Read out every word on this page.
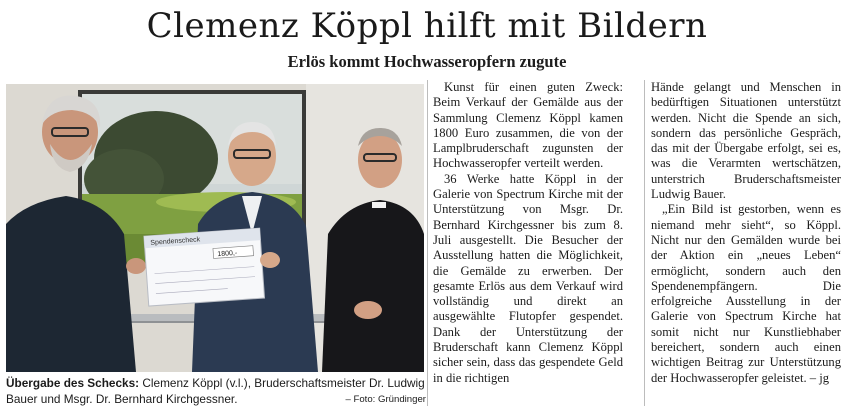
Clemenz Köppl hilft mit Bildern
Erlös kommt Hochwasseropfern zugute
Spendenscheck
1800,-
Übergabe des Schecks: Clemenz Köppl (v.l.), Bruderschaftsmeister Dr. Ludwig Bauer und Msgr. Dr. Bernhard Kirchgessner.	– Foto: Gründinger

Kunst für einen guten Zweck: Beim Verkauf der Gemälde aus der Sammlung Clemenz Köppl kamen 1800 Euro zusammen, die von der Lamplbruderschaft zugunsten der Hochwasseropfer verteilt werden.

36 Werke hatte Köppl in der Galerie von Spectrum Kirche mit der Unterstützung von Msgr. Dr. Bernhard Kirchgessner bis zum 8. Juli ausgestellt. Die Besucher der Ausstellung hatten die Möglichkeit, die Gemälde zu erwerben. Der gesamte Erlös aus dem Verkauf wird vollständig und direkt an ausgewählte Flutopfer gespendet. Dank der Unterstützung der Bruderschaft kann Clemenz Köppl sicher sein, dass das gespendete Geld in die richtigen

Hände gelangt und Menschen in bedürftigen Situationen unterstützt werden. Nicht die Spende an sich, sondern das persönliche Gespräch, das mit der Übergabe erfolgt, sei es, was die Verarmten wertschätzen, unterstrich Bruderschaftsmeister Ludwig Bauer.

„Ein Bild ist gestorben, wenn es niemand mehr sieht“, so Köppl. Nicht nur den Gemälden wurde bei der Aktion ein „neues Leben“ ermöglicht, sondern auch den Spendenempfängern. Die erfolgreiche Ausstellung in der Galerie von Spectrum Kirche hat somit nicht nur Kunstliebhaber bereichert, sondern auch einen wichtigen Beitrag zur Unterstützung der Hochwasseropfer geleistet. – jg
